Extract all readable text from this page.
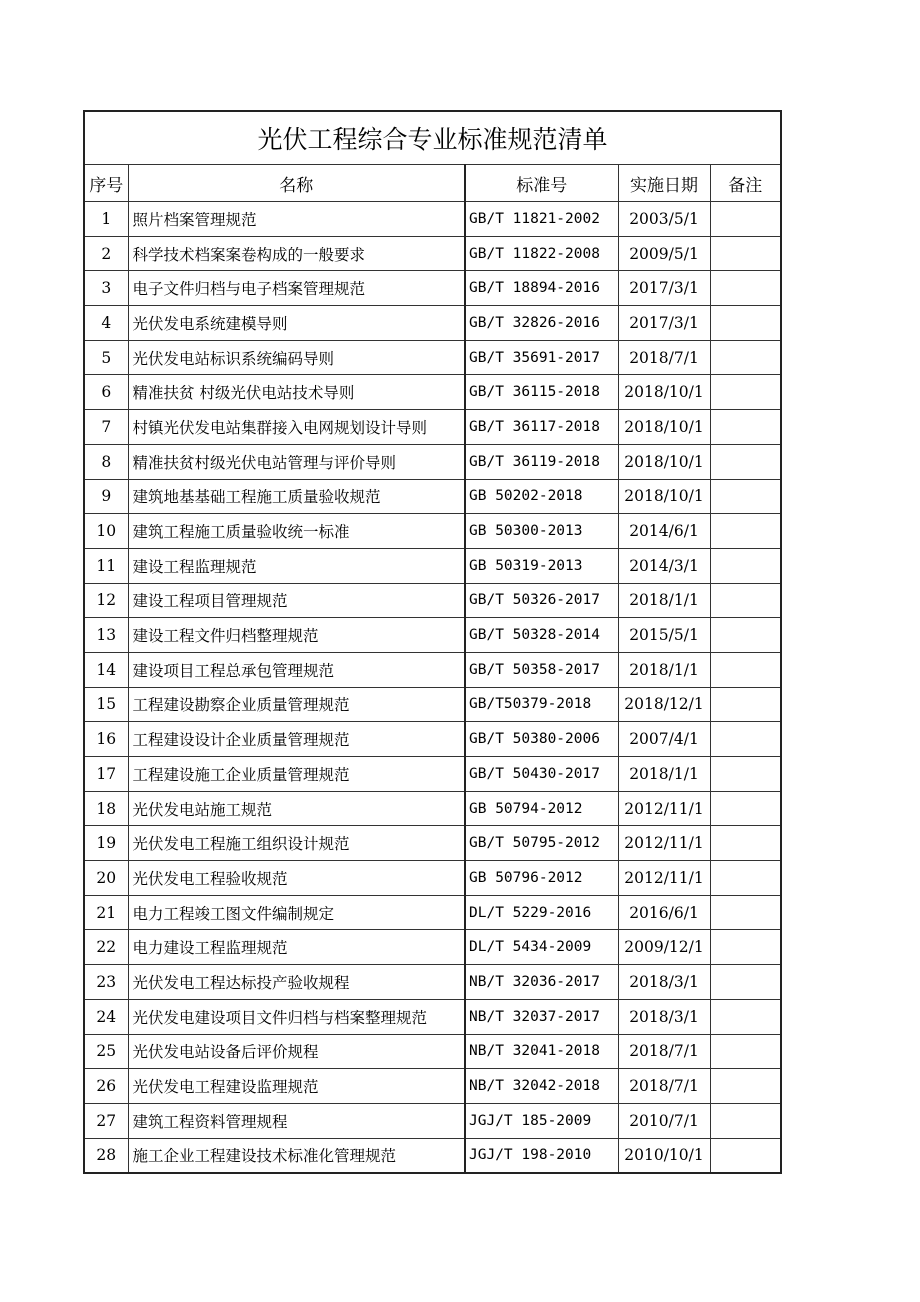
光伏工程综合专业标准规范清单				
序号	名称	标准号	实施日期	备注
1	照片档案管理规范	GB/T 11821-2002	2003/5/1	
2	科学技术档案案卷构成的一般要求	GB/T 11822-2008	2009/5/1	
3	电子文件归档与电子档案管理规范	GB/T 18894-2016	2017/3/1	
4	光伏发电系统建模导则	GB/T 32826-2016	2017/3/1	
5	光伏发电站标识系统编码导则	GB/T 35691-2017	2018/7/1	
6	精准扶贫 村级光伏电站技术导则	GB/T 36115-2018	2018/10/1	
7	村镇光伏发电站集群接入电网规划设计导则	GB/T 36117-2018	2018/10/1	
8	精准扶贫村级光伏电站管理与评价导则	GB/T 36119-2018	2018/10/1	
9	建筑地基基础工程施工质量验收规范	GB 50202-2018	2018/10/1	
10	建筑工程施工质量验收统一标准	GB 50300-2013	2014/6/1	
11	建设工程监理规范	GB 50319-2013	2014/3/1	
12	建设工程项目管理规范	GB/T 50326-2017	2018/1/1	
13	建设工程文件归档整理规范	GB/T 50328-2014	2015/5/1	
14	建设项目工程总承包管理规范	GB/T 50358-2017	2018/1/1	
15	工程建设勘察企业质量管理规范	GB/T50379-2018	2018/12/1	
16	工程建设设计企业质量管理规范	GB/T 50380-2006	2007/4/1	
17	工程建设施工企业质量管理规范	GB/T 50430-2017	2018/1/1	
18	光伏发电站施工规范	GB 50794-2012	2012/11/1	
19	光伏发电工程施工组织设计规范	GB/T 50795-2012	2012/11/1	
20	光伏发电工程验收规范	GB 50796-2012	2012/11/1	
21	电力工程竣工图文件编制规定	DL/T 5229-2016	2016/6/1	
22	电力建设工程监理规范	DL/T 5434-2009	2009/12/1	
23	光伏发电工程达标投产验收规程	NB/T 32036-2017	2018/3/1	
24	光伏发电建设项目文件归档与档案整理规范	NB/T 32037-2017	2018/3/1	
25	光伏发电站设备后评价规程	NB/T 32041-2018	2018/7/1	
26	光伏发电工程建设监理规范	NB/T 32042-2018	2018/7/1	
27	建筑工程资料管理规程	JGJ/T 185-2009	2010/7/1	
28	施工企业工程建设技术标准化管理规范	JGJ/T 198-2010	2010/10/1	
